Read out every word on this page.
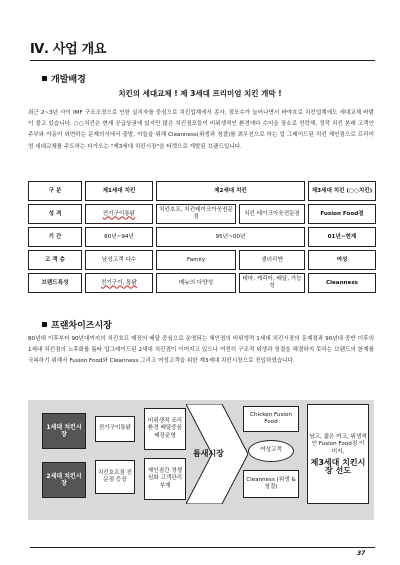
Ⅳ. 사업 개요
개발배경
치킨의 세대교체 ! 제 3세대 프리미엄 치킨 개막 !
최근 2~3년 사이 IMF 구조조정으로 인한 실직자를 중심으로 치킨업계에서 종사, 점포수가 늘어나면서 바야흐로 치킨업계에도 세대교체 바람이 불고 있습니다. ○○치킨은 현재 공급상권에 있지만 많은 치킨점포들이 비위생적인 환경에다 수익을 장소로 전락해, 정작 치킨 본래 고객인 주부와 아동이 외면하는 문제의식에서 출발, 이들을 위해 Cleanness(위생과 청결)를 최우선으로 하는 업 그레이드된 치킨 체인점으로 프리미엄 세대교체를 주도하는 다가오는 "제3세대 치킨시장"을 타겟으로 개발된 브랜드입니다.
구 분		제1세대 치킨		제2세대 치킨				제3세대 치킨 (○○치킨)
성 격		전기구이통닭		치킨호프, 치킨테이크아웃전문점		치킨 테이크아웃전문점		Fusion Food점
기 간		80년~94년		95년~00년				01년~현재
고 객 층		남성고객 다수		Family		샐러리맨		여성
브랜드특성		전기구이, 통닭		메뉴의 다양성		테마, 캐릭터, 배달, 가능성		Cleanness
프랜차이즈시장
80년대 이후부터 90년대까지의 치킨호프 매장의 배달 중심으로 운영되는 체인점의 비위생적 1세대 치킨시장의 문제점과 90년대 중반 이후의 1세대 치킨점의 노후화를 틈타 업그레이드된 2세대 치킨점이 이어지고 있으나 여전히 구조적 위생과 청결을 해결하지 못하는 브랜드의 한계를 극복하기 위해서 Fusion Food와 Cleanness 그리고 여성고객을 위한 제3세대 치킨시장으로 진입하였습니다.
1세대 치킨시장
2세대 치킨시장
전기구이통닭
치킨호프점 전문점 등장
비위생적 조리환경 배달중심 매장운영
체인점간 경쟁 심화 고객관리 부재
틈새시장
Chicken Fusion Food
여성고객
Cleanness (위생 & 청결)
남고, 젊은 여고, 위생적인 Fusion Food점 이미지,
제3세대 치킨시장 선도
37
